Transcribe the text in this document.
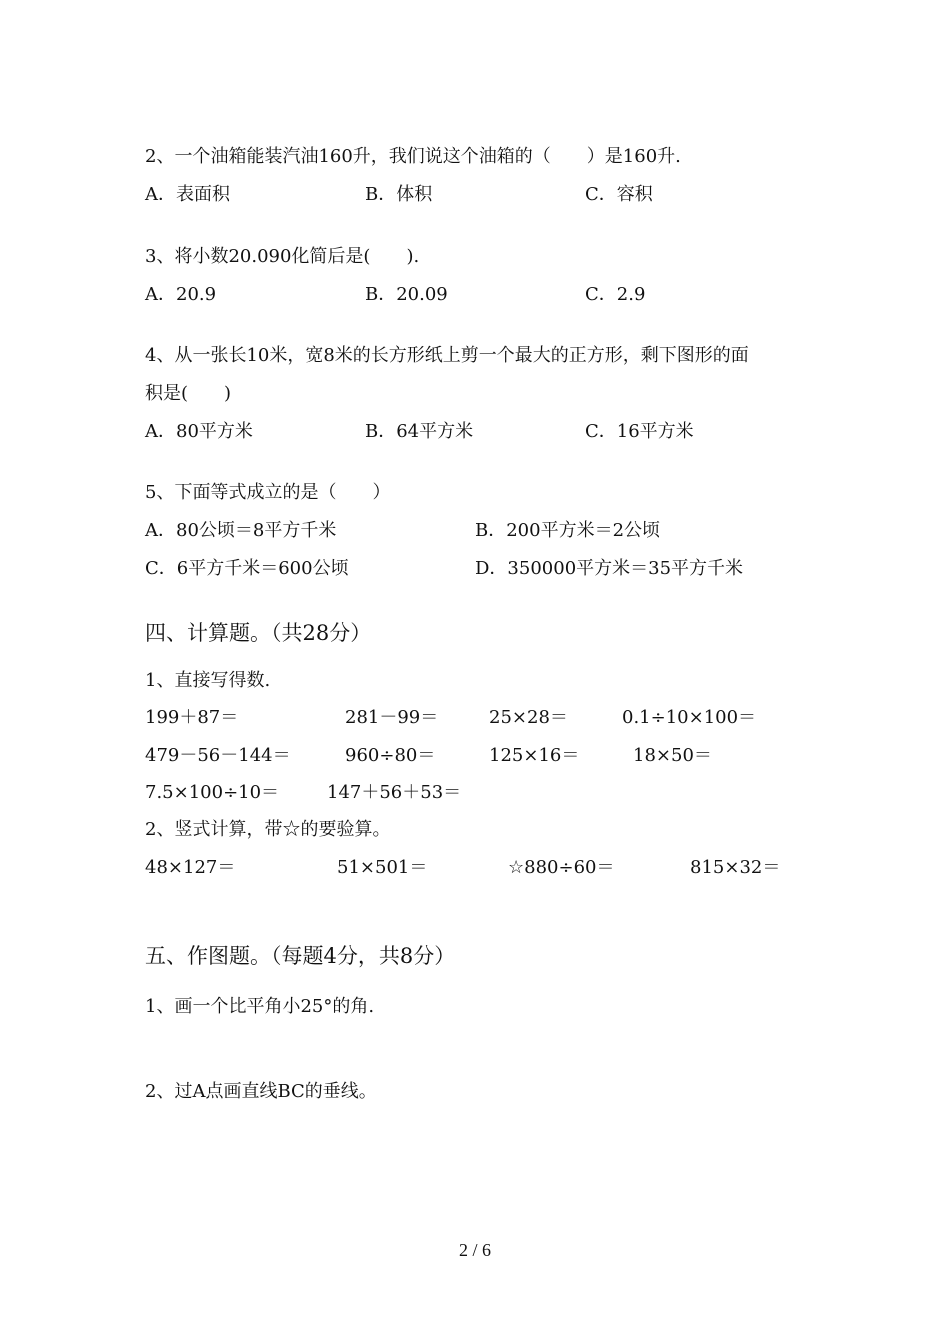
2、一个油箱能装汽油160升，我们说这个油箱的（　　）是160升.
A．表面积	B．体积	C．容积
3、将小数20.090化简后是(　　).
A．20.9	B．20.09	C．2.9
4、从一张长10米，宽8米的长方形纸上剪一个最大的正方形，剩下图形的面
积是(　　)
A．80平方米	B．64平方米	C．16平方米
5、下面等式成立的是（　　）
A．80公顷＝8平方千米	B．200平方米＝2公顷
C．6平方千米＝600公顷	D．350000平方米＝35平方千米
四、计算题。（共28分）
1、直接写得数.
199＋87＝	281－99＝	25×28＝	0.1÷10×100＝
479－56－144＝	960÷80＝	125×16＝	18×50＝
7.5×100÷10＝	147＋56＋53＝
2、竖式计算，带☆的要验算。
48×127＝	51×501＝	☆880÷60＝	815×32＝
五、作图题。（每题4分，共8分）
1、画一个比平角小25°的角.
2、过A点画直线BC的垂线。
2 / 6
